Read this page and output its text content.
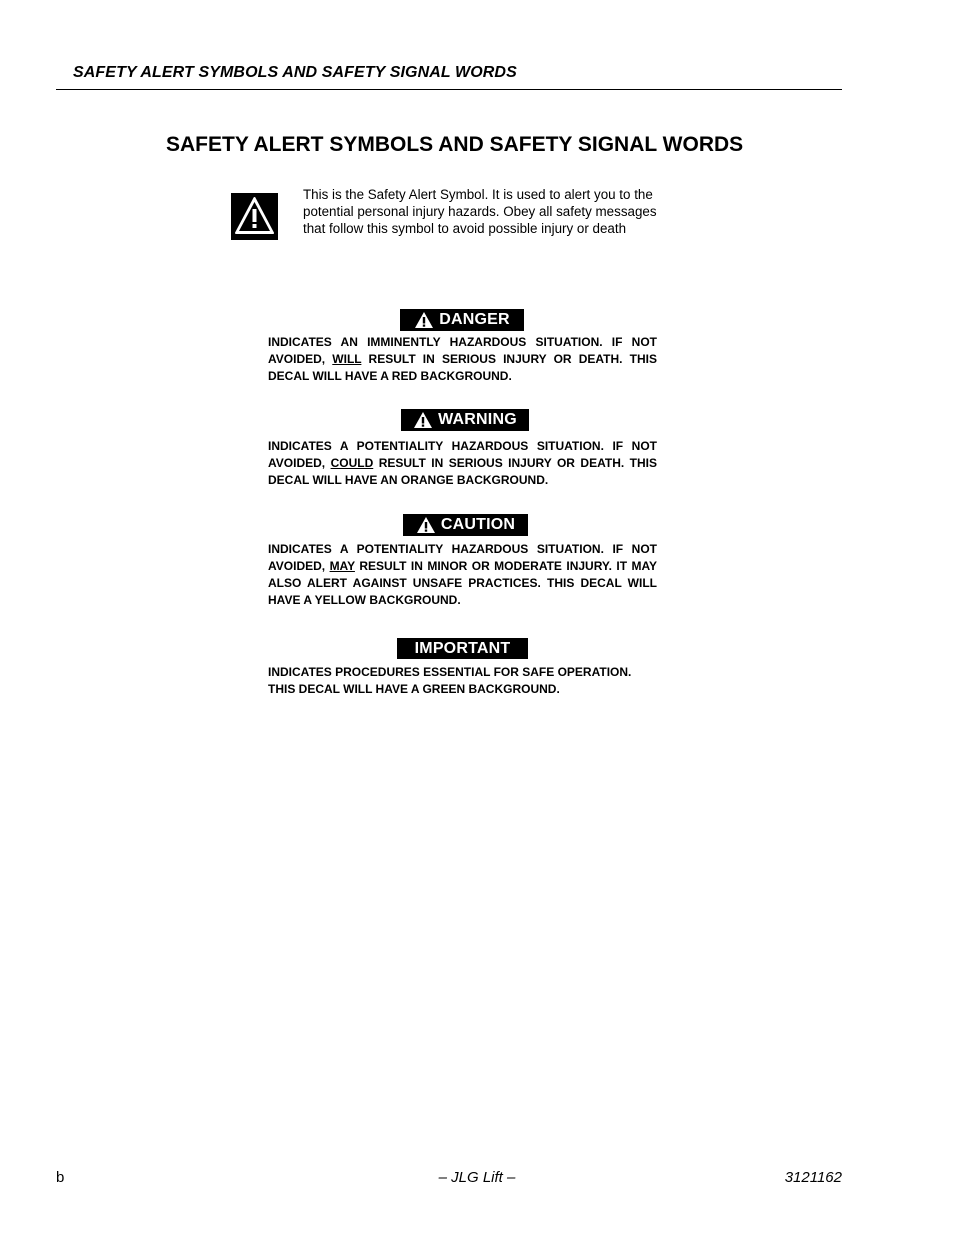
SAFETY ALERT SYMBOLS AND SAFETY SIGNAL WORDS
SAFETY ALERT SYMBOLS AND SAFETY SIGNAL WORDS

This is the Safety Alert Symbol. It is used to alert you to the
potential personal injury hazards. Obey all safety messages
that follow this symbol to avoid possible injury or death

DANGER
INDICATES AN IMMINENTLY HAZARDOUS SITUATION. IF NOT
AVOIDED, WILL RESULT IN SERIOUS INJURY OR DEATH. THIS
DECAL WILL HAVE A RED BACKGROUND.
WARNING
INDICATES A POTENTIALITY HAZARDOUS SITUATION. IF NOT
AVOIDED, COULD RESULT IN SERIOUS INJURY OR DEATH. THIS
DECAL WILL HAVE AN ORANGE BACKGROUND.
CAUTION
INDICATES A POTENTIALITY HAZARDOUS SITUATION. IF NOT
AVOIDED, MAY RESULT IN MINOR OR MODERATE INJURY. IT MAY
ALSO ALERT AGAINST UNSAFE PRACTICES. THIS DECAL WILL
HAVE A YELLOW BACKGROUND.
IMPORTANT
INDICATES PROCEDURES ESSENTIAL FOR SAFE OPERATION.
THIS DECAL WILL HAVE A GREEN BACKGROUND.
b	– JLG Lift –	3121162
